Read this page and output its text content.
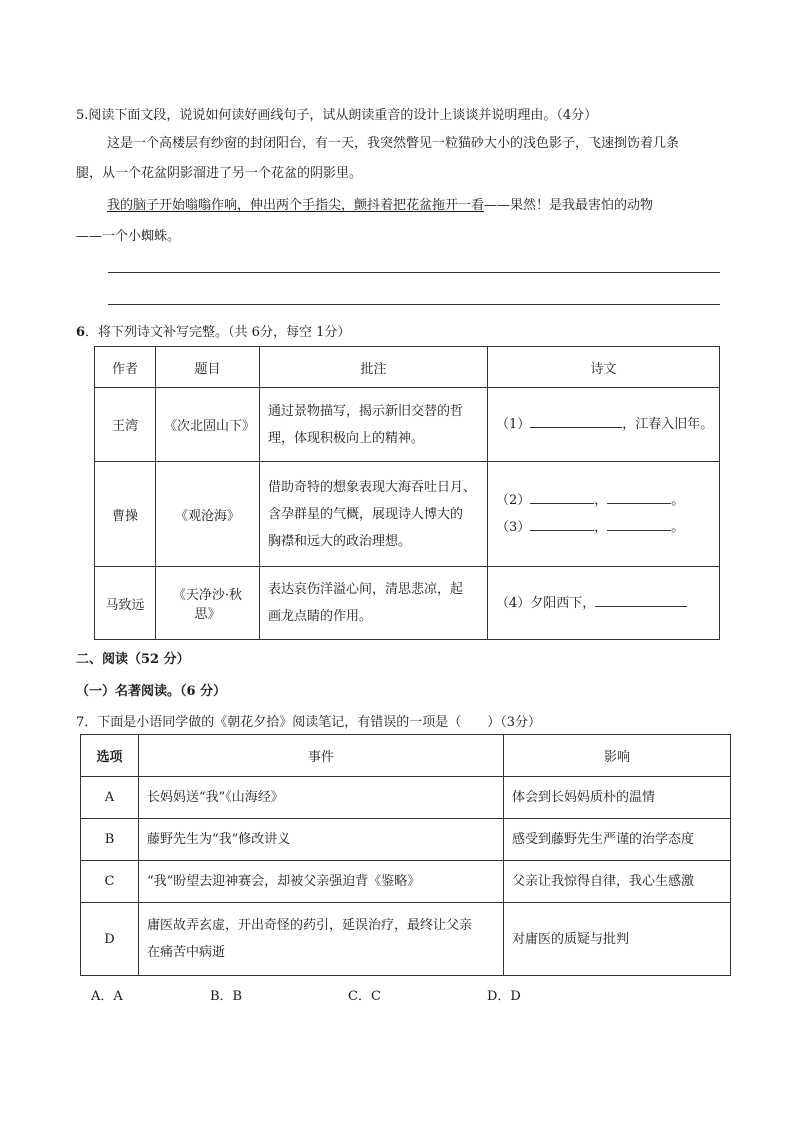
5.阅读下面文段，说说如何读好画线句子，试从朗读重音的设计上谈谈并说明理由。（4分）
这是一个高楼层有纱窗的封闭阳台，有一天，我突然瞥见一粒猫砂大小的浅色影子，飞速捯饬着几条
腿，从一个花盆阴影溜进了另一个花盆的阴影里。
我的脑子开始嗡嗡作响，伸出两个手指尖，颤抖着把花盆拖开一看——果然！是我最害怕的动物
——一个小蜘蛛。
6．将下列诗文补写完整。（共 6分，每空 1分）
作者	题目	批注	诗文
王湾	《次北固山下》	通过景物描写，揭示新旧交替的哲
理，体现积极向上的精神。	（1） ，江春入旧年。

曹操	《观沧海》	借助奇特的想象表现大海吞吐日月、
含孕群星的气概，展现诗人博大的
胸襟和远大的政治理想。	（2） ， 。
（3） ， 。

马致远	《天净沙·秋思》	表达哀伤洋溢心间，清思悲凉，起
画龙点睛的作用。	（4）夕阳西下，
二、阅读（52 分）
（一）名著阅读。（6 分）
7．下面是小语同学做的《朝花夕拾》阅读笔记，有错误的一项是（　　）（3分）
选项	事件	影响
A	长妈妈送“我”《山海经》	体会到长妈妈质朴的温情
B	藤野先生为“我”修改讲义	感受到藤野先生严谨的治学态度
C	“我”盼望去迎神赛会，却被父亲强迫背《鉴略》	父亲让我惊得自律，我心生感激
D	庸医故弄玄虚，开出奇怪的药引，延误治疗，最终让父亲
在痛苦中病逝	对庸医的质疑与批判
A．A	B．B	C．C	D．D
